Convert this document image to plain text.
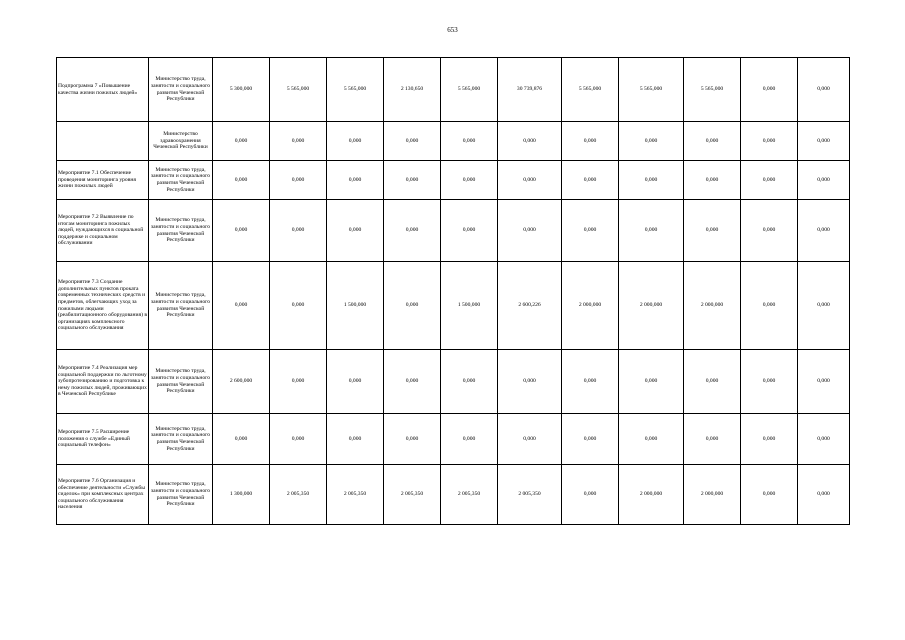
653
Подпрограмма 7 «Повышение качества жизни пожилых людей»	Министерство труда, занятости и социального развития Чеченской Республики	5 300,000	5 565,000	5 565,000	2 130,650	5 565,000	30 739,876	5 565,000	5 565,000	5 565,000	0,000	0,000
	Министерство здравоохранения Чеченской Республики	0,000	0,000	0,000	0,000	0,000	0,000	0,000	0,000	0,000	0,000	0,000
Мероприятие 7.1 Обеспечение проведения мониторинга уровня жизни пожилых людей	Министерство труда, занятости и социального развития Чеченской Республики	0,000	0,000	0,000	0,000	0,000	0,000	0,000	0,000	0,000	0,000	0,000
Мероприятие 7.2 Выявление по итогам мониторинга пожилых людей, нуждающихся в социальной поддержке и социальном обслуживании	Министерство труда, занятости и социального развития Чеченской Республики	0,000	0,000	0,000	0,000	0,000	0,000	0,000	0,000	0,000	0,000	0,000
Мероприятие 7.3 Создание дополнительных пунктов проката современных технических средств и предметов, облегчающих уход за пожилыми людьми (реабилитационного оборудования) в организациях комплексного социального обслуживания	Министерство труда, занятости и социального развития Чеченской Республики	0,000	0,000	1 500,000	0,000	1 500,000	2 600,226	2 000,000	2 000,000	2 000,000	0,000	0,000
Мероприятие 7.4 Реализация мер социальной поддержки по льготному зубопротезированию и подготовка к нему пожилых людей, проживающих в Чеченской Республике	Министерство труда, занятости и социального развития Чеченской Республики	2 600,000	0,000	0,000	0,000	0,000	0,000	0,000	0,000	0,000	0,000	0,000
Мероприятие 7.5 Расширение положения о службе «Единый социальный телефон»	Министерство труда, занятости и социального развития Чеченской Республики	0,000	0,000	0,000	0,000	0,000	0,000	0,000	0,000	0,000	0,000	0,000
Мероприятие 7.6 Организация и обеспечение деятельности «Службы сиделок» при комплексных центрах социального обслуживания населения	Министерство труда, занятости и социального развития Чеченской Республики	1 300,000	2 005,350	2 005,350	2 005,350	2 005,350	2 005,350	0,000	2 000,000	2 000,000	0,000	0,000
